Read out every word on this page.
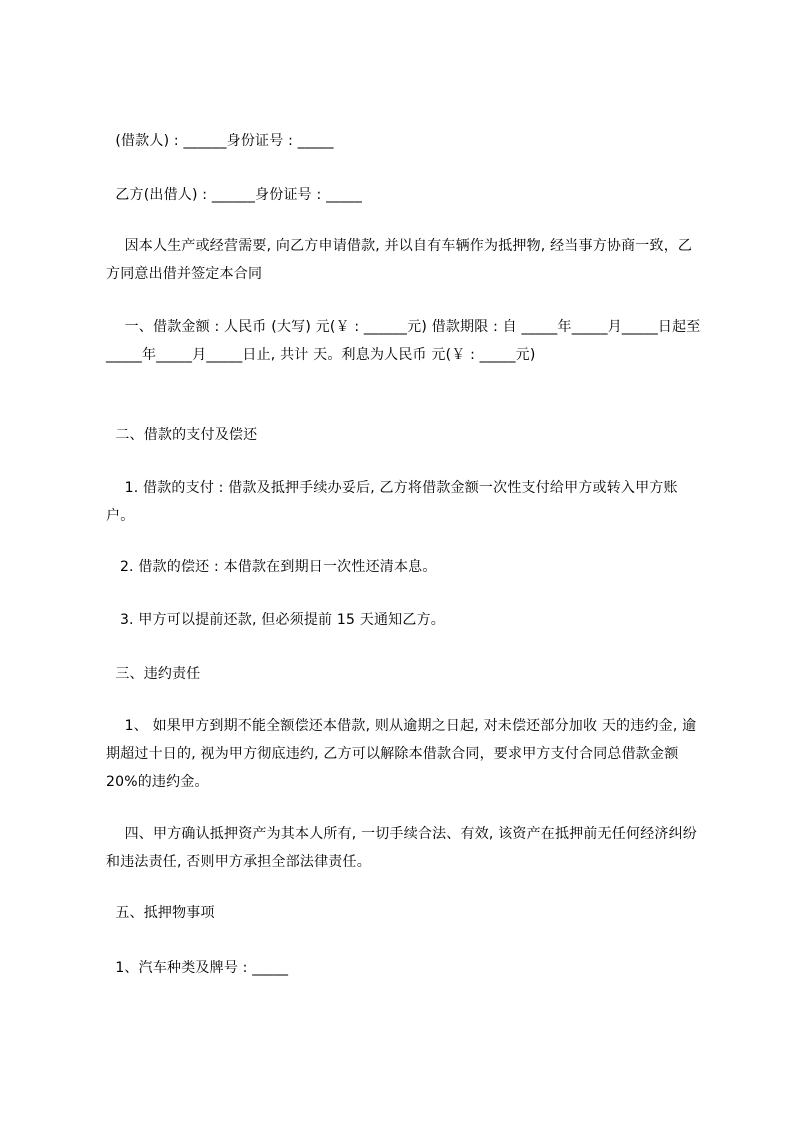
(借款人) : ______身份证号 : _____
乙方(出借人) : ______身份证号 : _____
因本人生产或经营需要, 向乙方申请借款, 并以自有车辆作为抵押物, 经当事方协商一致，乙方同意出借并签定本合同
一、借款金额 : 人民币 (大写) 元(￥ : ______元) 借款期限 : 自 _____年_____月_____日起至 _____年_____月_____日止, 共计 天。利息为人民币 元(￥ : _____元)
二、借款的支付及偿还
1. 借款的支付 : 借款及抵押手续办妥后, 乙方将借款金额一次性支付给甲方或转入甲方账户。
2. 借款的偿还 : 本借款在到期日一次性还清本息。
3. 甲方可以提前还款, 但必须提前 15 天通知乙方。
三、违约责任
1、 如果甲方到期不能全额偿还本借款, 则从逾期之日起, 对未偿还部分加收 天的违约金, 逾期超过十日的, 视为甲方彻底违约, 乙方可以解除本借款合同，要求甲方支付合同总借款金额 20%的违约金。
四、甲方确认抵押资产为其本人所有, 一切手续合法、有效, 该资产在抵押前无任何经济纠纷和违法责任, 否则甲方承担全部法律责任。
五、抵押物事项
1、汽车种类及牌号 : _____
